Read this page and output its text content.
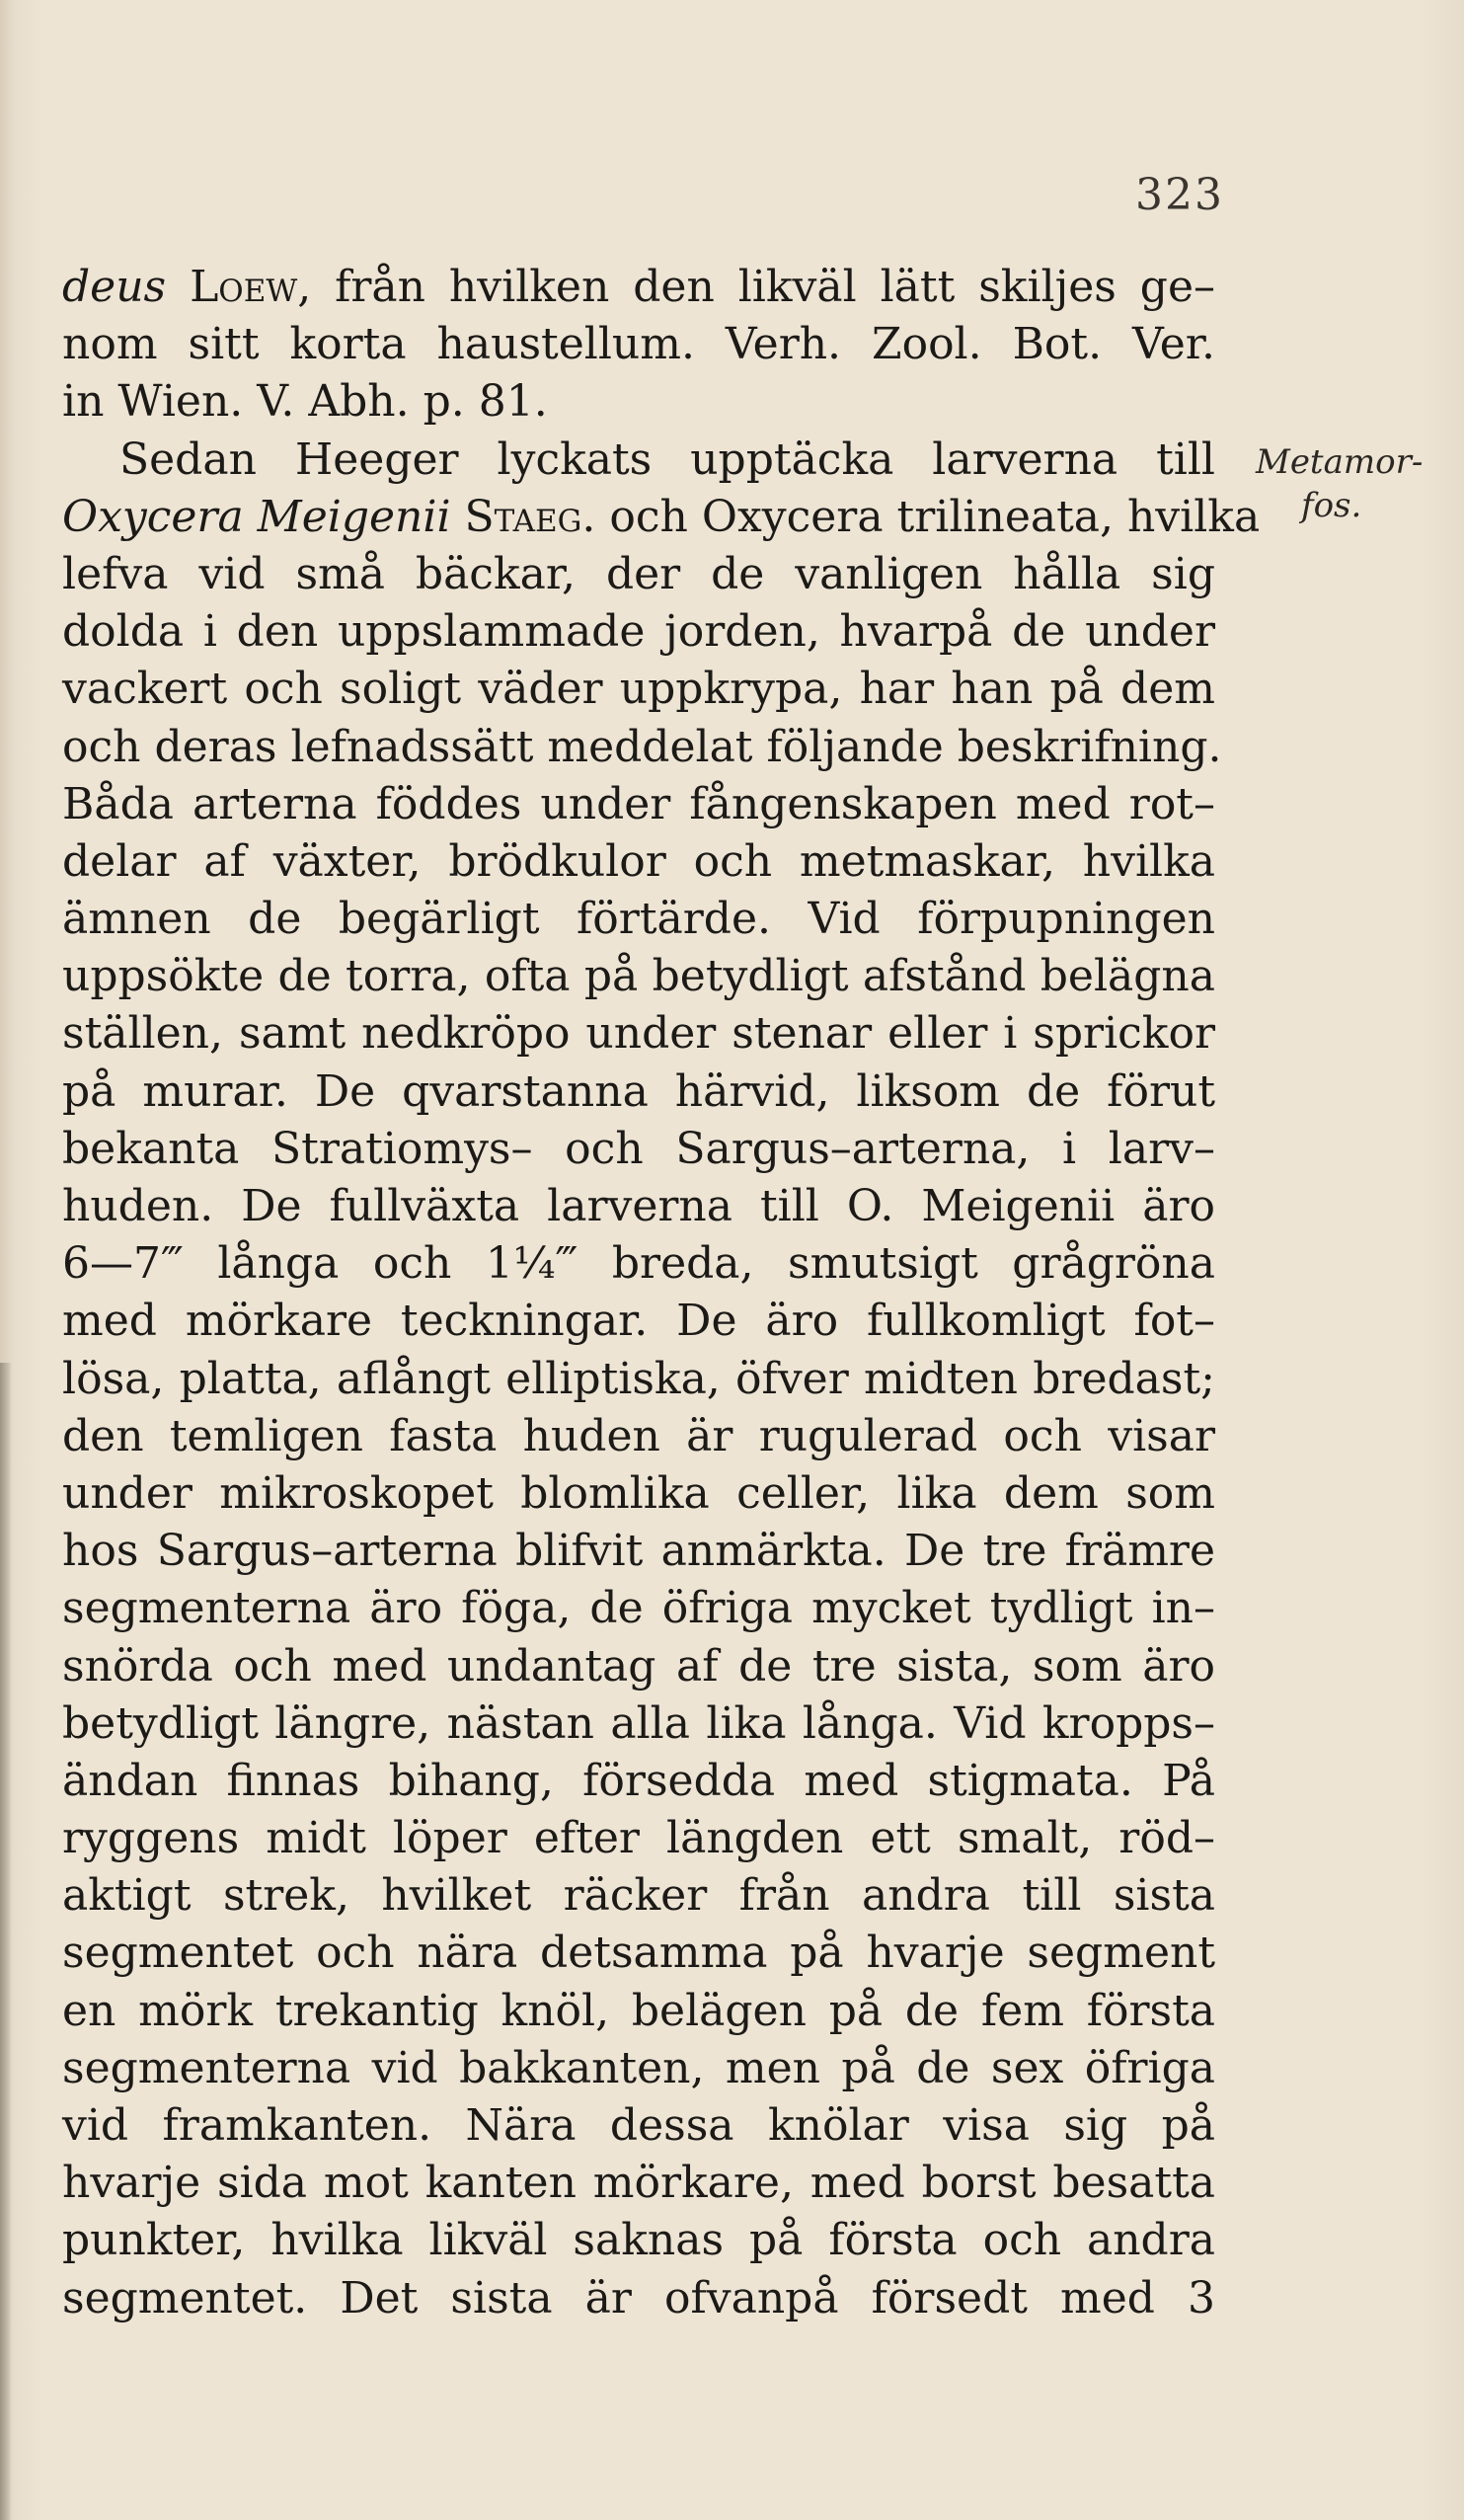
323
Metamor-
fos.
deus Loew, från hvilken den likväl lätt skiljes ge–
nom sitt korta haustellum. Verh. Zool. Bot. Ver.
in Wien. V. Abh. p. 81.
Sedan Heeger lyckats upptäcka larverna till
Oxycera Meigenii Staeg. och Oxycera trilineata, hvilka
lefva vid små bäckar, der de vanligen hålla sig
dolda i den uppslammade jorden, hvarpå de under
vackert och soligt väder uppkrypa, har han på dem
och deras lefnadssätt meddelat följande beskrifning.
Båda arterna föddes under fångenskapen med rot–
delar af växter, brödkulor och metmaskar, hvilka
ämnen de begärligt förtärde. Vid förpupningen
uppsökte de torra, ofta på betydligt afstånd belägna
ställen, samt nedkröpo under stenar eller i sprickor
på murar. De qvarstanna härvid, liksom de förut
bekanta Stratiomys– och Sargus–arterna, i larv–
huden. De fullväxta larverna till O. Meigenii äro
6—7‴ långa och 1¼‴ breda, smutsigt grågröna
med mörkare teckningar. De äro fullkomligt fot–
lösa, platta, aflångt elliptiska, öfver midten bredast;
den temligen fasta huden är rugulerad och visar
under mikroskopet blomlika celler, lika dem som
hos Sargus–arterna blifvit anmärkta. De tre främre
segmenterna äro föga, de öfriga mycket tydligt in–
snörda och med undantag af de tre sista, som äro
betydligt längre, nästan alla lika långa. Vid kropps–
ändan finnas bihang, försedda med stigmata. På
ryggens midt löper efter längden ett smalt, röd–
aktigt strek, hvilket räcker från andra till sista
segmentet och nära detsamma på hvarje segment
en mörk trekantig knöl, belägen på de fem första
segmenterna vid bakkanten, men på de sex öfriga
vid framkanten. Nära dessa knölar visa sig på
hvarje sida mot kanten mörkare, med borst besatta
punkter, hvilka likväl saknas på första och andra
segmentet. Det sista är ofvanpå försedt med 3
